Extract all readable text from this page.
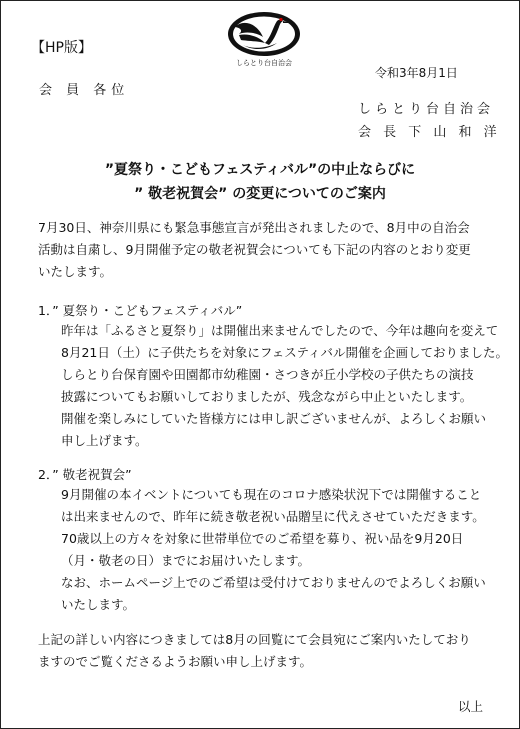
【HP版】
しらとり台自治会
令和3年8月1日
会 員 各位
しらとり台自治会
会 長 下 山 和 洋
”夏祭り・こどもフェスティバル”の中止ならびに
” 敬老祝賀会” の変更についてのご案内
7月30日、神奈川県にも緊急事態宣言が発出されましたので、8月中の自治会
活動は自粛し、9月開催予定の敬老祝賀会についても下記の内容のとおり変更
いたします。
1．” 夏祭り・こどもフェスティバル”
昨年は「ふるさと夏祭り」は開催出来ませんでしたので、今年は趣向を変えて
8月21日（土）に子供たちを対象にフェスティバル開催を企画しておりました。
しらとり台保育園や田園都市幼稚園・さつきが丘小学校の子供たちの演技
披露についてもお願いしておりましたが、残念ながら中止といたします。
開催を楽しみにしていた皆様方には申し訳ございませんが、よろしくお願い
申し上げます。
2．” 敬老祝賀会”
9月開催の本イベントについても現在のコロナ感染状況下では開催すること
は出来ませんので、昨年に続き敬老祝い品贈呈に代えさせていただきます。
70歳以上の方々を対象に世帯単位でのご希望を募り、祝い品を9月20日
（月・敬老の日）までにお届けいたします。
なお、ホームページ上でのご希望は受付けておりませんのでよろしくお願い
いたします。
上記の詳しい内容につきましては8月の回覧にて会員宛にご案内いたしており
ますのでご覧くださるようお願い申し上げます。
以上
